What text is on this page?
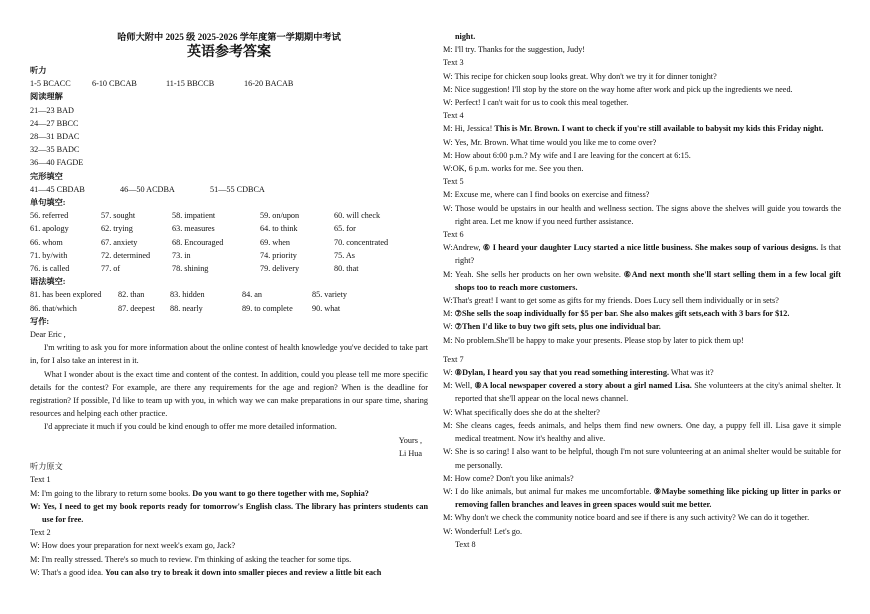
哈师大附中 2025 级 2025-2026 学年度第一学期期中考试
英语参考答案
听力
1-5 BCACC	6-10 CBCAB	11-15 BBCCB	16-20 BACAB
阅读理解
21—23 BAD
24—27 BBCC
28—31 BDAC
32—35 BADC
36—40 FAGDE
完形填空
41—45 CBDAB	46—50 ACDBA	51—55 CDBCA
单句填空:
56. referred	57. sought	58. impatient	59. on/upon	60. will check
61. apology	62. trying	63. measures	64. to think	65. for
66. whom	67. anxiety	68. Encouraged	69. when	70. concentrated
71. by/with	72. determined	73. in	74. priority	75. As
76. is called	77. of	78. shining	79. delivery	80. that
语法填空:
81. has been explored	82. than	83. hidden	84. an	85. variety
86. that/which	87. deepest	88. nearly	89. to complete	90. what
写作:
Dear Eric ,
I'm writing to ask you for more information about the online contest of health knowledge you've decided to take part in, for I also take an interest in it.
What I wonder about is the exact time and content of the contest. In addition, could you please tell me more specific details for the contest? For example, are there any requirements for the age and region? When is the deadline for registration? If possible, I'd like to team up with you, in which way we can make preparations in our spare time, sharing resources and helping each other practice.
I'd appreciate it much if you could be kind enough to offer me more detailed information.
Yours ,
Li Hua
听力原文
Text 1
M: I'm going to the library to return some books. Do you want to go there together with me, Sophia?
W: Yes, I need to get my book reports ready for tomorrow's English class. The library has printers students can use for free.
Text 2
W: How does your preparation for next week's exam go, Jack?
M: I'm really stressed. There's so much to review. I'm thinking of asking the teacher for some tips.
W: That's a good idea. You can also try to break it down into smaller pieces and review a little bit each
night.
M: I'll try. Thanks for the suggestion, Judy!
Text 3
W: This recipe for chicken soup looks great. Why don't we try it for dinner tonight?
M: Nice suggestion! I'll stop by the store on the way home after work and pick up the ingredients we need.
W: Perfect! I can't wait for us to cook this meal together.
Text 4
M: Hi, Jessica! This is Mr. Brown. I want to check if you're still available to babysit my kids this Friday night.
W: Yes, Mr. Brown. What time would you like me to come over?
M: How about 6:00 p.m.? My wife and I are leaving for the concert at 6:15.
W:OK, 6 p.m. works for me. See you then.
Text 5
M: Excuse me, where can I find books on exercise and fitness?
W: Those would be upstairs in our health and wellness section. The signs above the shelves will guide you towards the right area. Let me know if you need further assistance.
Text 6
W:Andrew, ⑥ I heard your daughter Lucy started a nice little business. She makes soup of various designs. Is that right?
M: Yeah. She sells her products on her own website. ⑥And next month she'll start selling them in a few local gift shops too to reach more customers.
W:That's great! I want to get some as gifts for my friends. Does Lucy sell them individually or in sets?
M: ⑦She sells the soap individually for $5 per bar. She also makes gift sets,each with 3 bars for $12.
W: ⑦Then I'd like to buy two gift sets, plus one individual bar.
M: No problem.She'll be happy to make your presents. Please stop by later to pick them up!
Text 7
W: ⑧Dylan, I heard you say that you read something interesting. What was it?
M: Well, ⑧A local newspaper covered a story about a girl named Lisa. She volunteers at the city's animal shelter. It reported that she'll appear on the local news channel.
W: What specifically does she do at the shelter?
M: She cleans cages, feeds animals, and helps them find new owners. One day, a puppy fell ill. Lisa gave it simple medical treatment. Now it's healthy and alive.
W: She is so caring! I also want to be helpful, though I'm not sure volunteering at an animal shelter would be suitable for me personally.
M: How come? Don't you like animals?
W: I do like animals, but animal fur makes me uncomfortable. ⑨Maybe something like picking up litter in parks or removing fallen branches and leaves in green spaces would suit me better.
M: Why don't we check the community notice board and see if there is any such activity? We can do it together.
W: Wonderful! Let's go.
Text 8
